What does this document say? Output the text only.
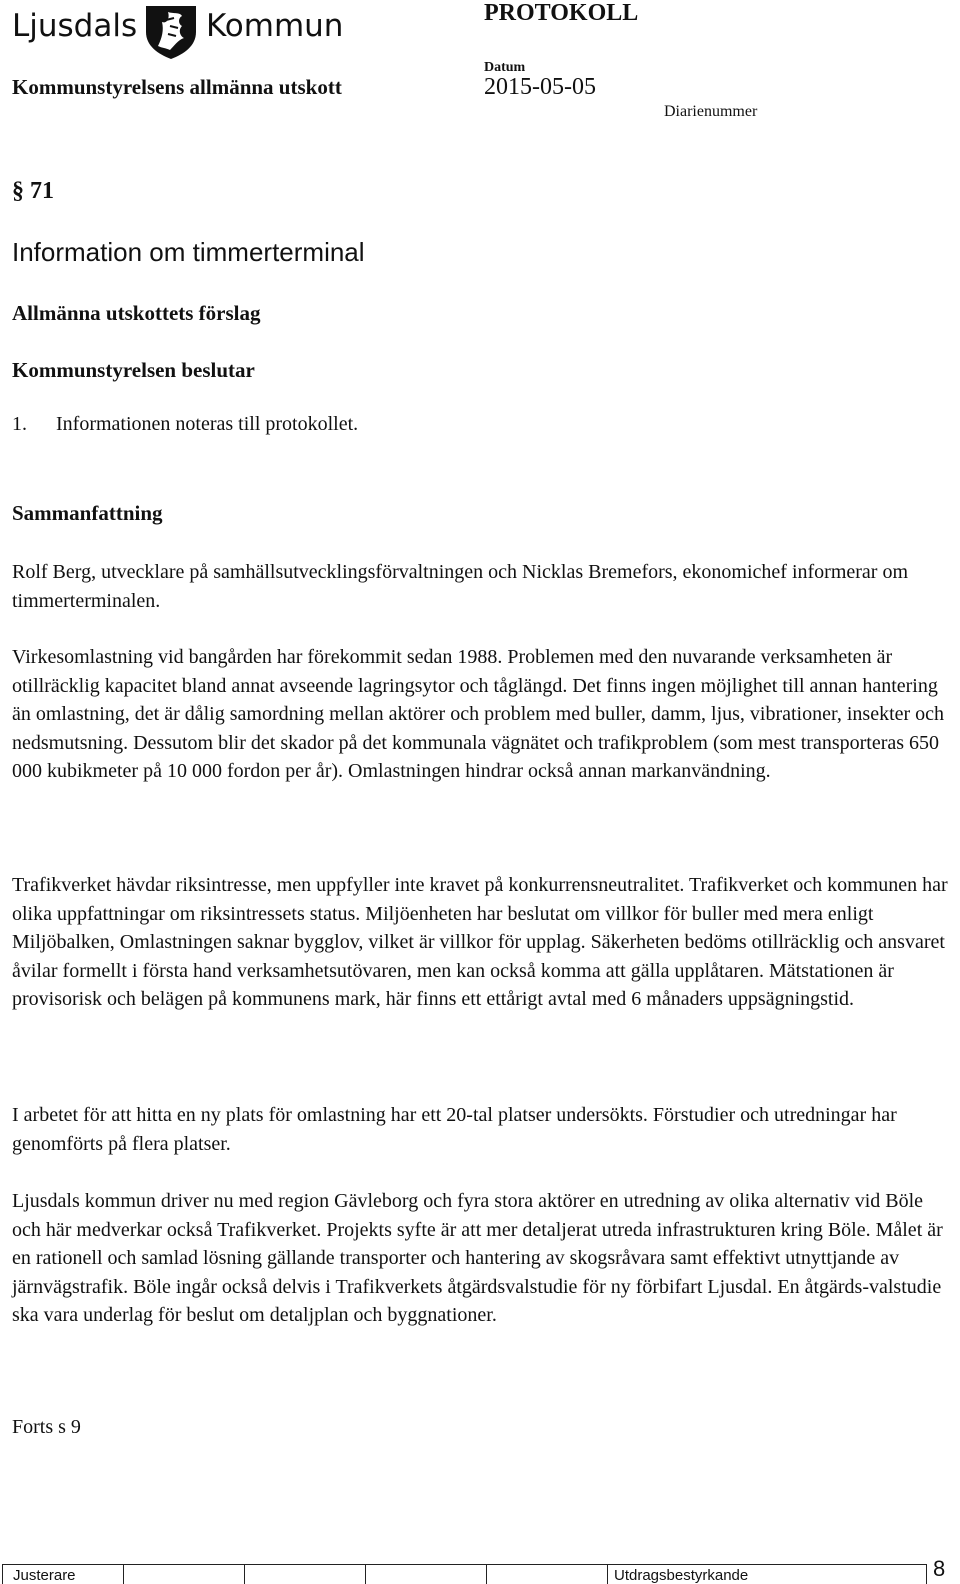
Ljusdals Kommun	PROTOKOLL
Kommunstyrelsens allmänna utskott
Datum
2015-05-05
Diarienummer
§ 71
Information om timmerterminal
Allmänna utskottets förslag
Kommunstyrelsen beslutar
1. Informationen noteras till protokollet.
Sammanfattning
Rolf Berg, utvecklare på samhällsutvecklingsförvaltningen och Nicklas Bremefors, ekonomichef informerar om timmerterminalen.
Virkesomlastning vid bangården har förekommit sedan 1988. Problemen med den nuvarande verksamheten är otillräcklig kapacitet bland annat avseende lagringsytor och tåglängd. Det finns ingen möjlighet till annan hantering än omlastning, det är dålig samordning mellan aktörer och problem med buller, damm, ljus, vibrationer, insekter och nedsmutsning. Dessutom blir det skador på det kommunala vägnätet och trafikproblem (som mest transporteras 650 000 kubikmeter på 10 000 fordon per år). Omlastningen hindrar också annan markanvändning.
Trafikverket hävdar riksintresse, men uppfyller inte kravet på konkurrensneutralitet. Trafikverket och kommunen har olika uppfattningar om riksintressets status. Miljöenheten har beslutat om villkor för buller med mera enligt Miljöbalken, Omlastningen saknar bygglov, vilket är villkor för upplag. Säkerheten bedöms otillräcklig och ansvaret åvilar formellt i första hand verksamhetsutövaren, men kan också komma att gälla upplåtaren. Mätstationen är provisorisk och belägen på kommunens mark, här finns ett ettårigt avtal med 6 månaders uppsägningstid.
I arbetet för att hitta en ny plats för omlastning har ett 20-tal platser undersökts. Förstudier och utredningar har genomförts på flera platser.
Ljusdals kommun driver nu med region Gävleborg och fyra stora aktörer en utredning av olika alternativ vid Böle och här medverkar också Trafikverket. Projekts syfte är att mer detaljerat utreda infrastrukturen kring Böle. Målet är en rationell och samlad lösning gällande transporter och hantering av skogsråvara samt effektivt utnyttjande av järnvägstrafik. Böle ingår också delvis i Trafikverkets åtgärdsvalstudie för ny förbifart Ljusdal. En åtgärds-valstudie ska vara underlag för beslut om detaljplan och byggnationer.
Forts s 9
Justerare	Utdragsbestyrkande	8
